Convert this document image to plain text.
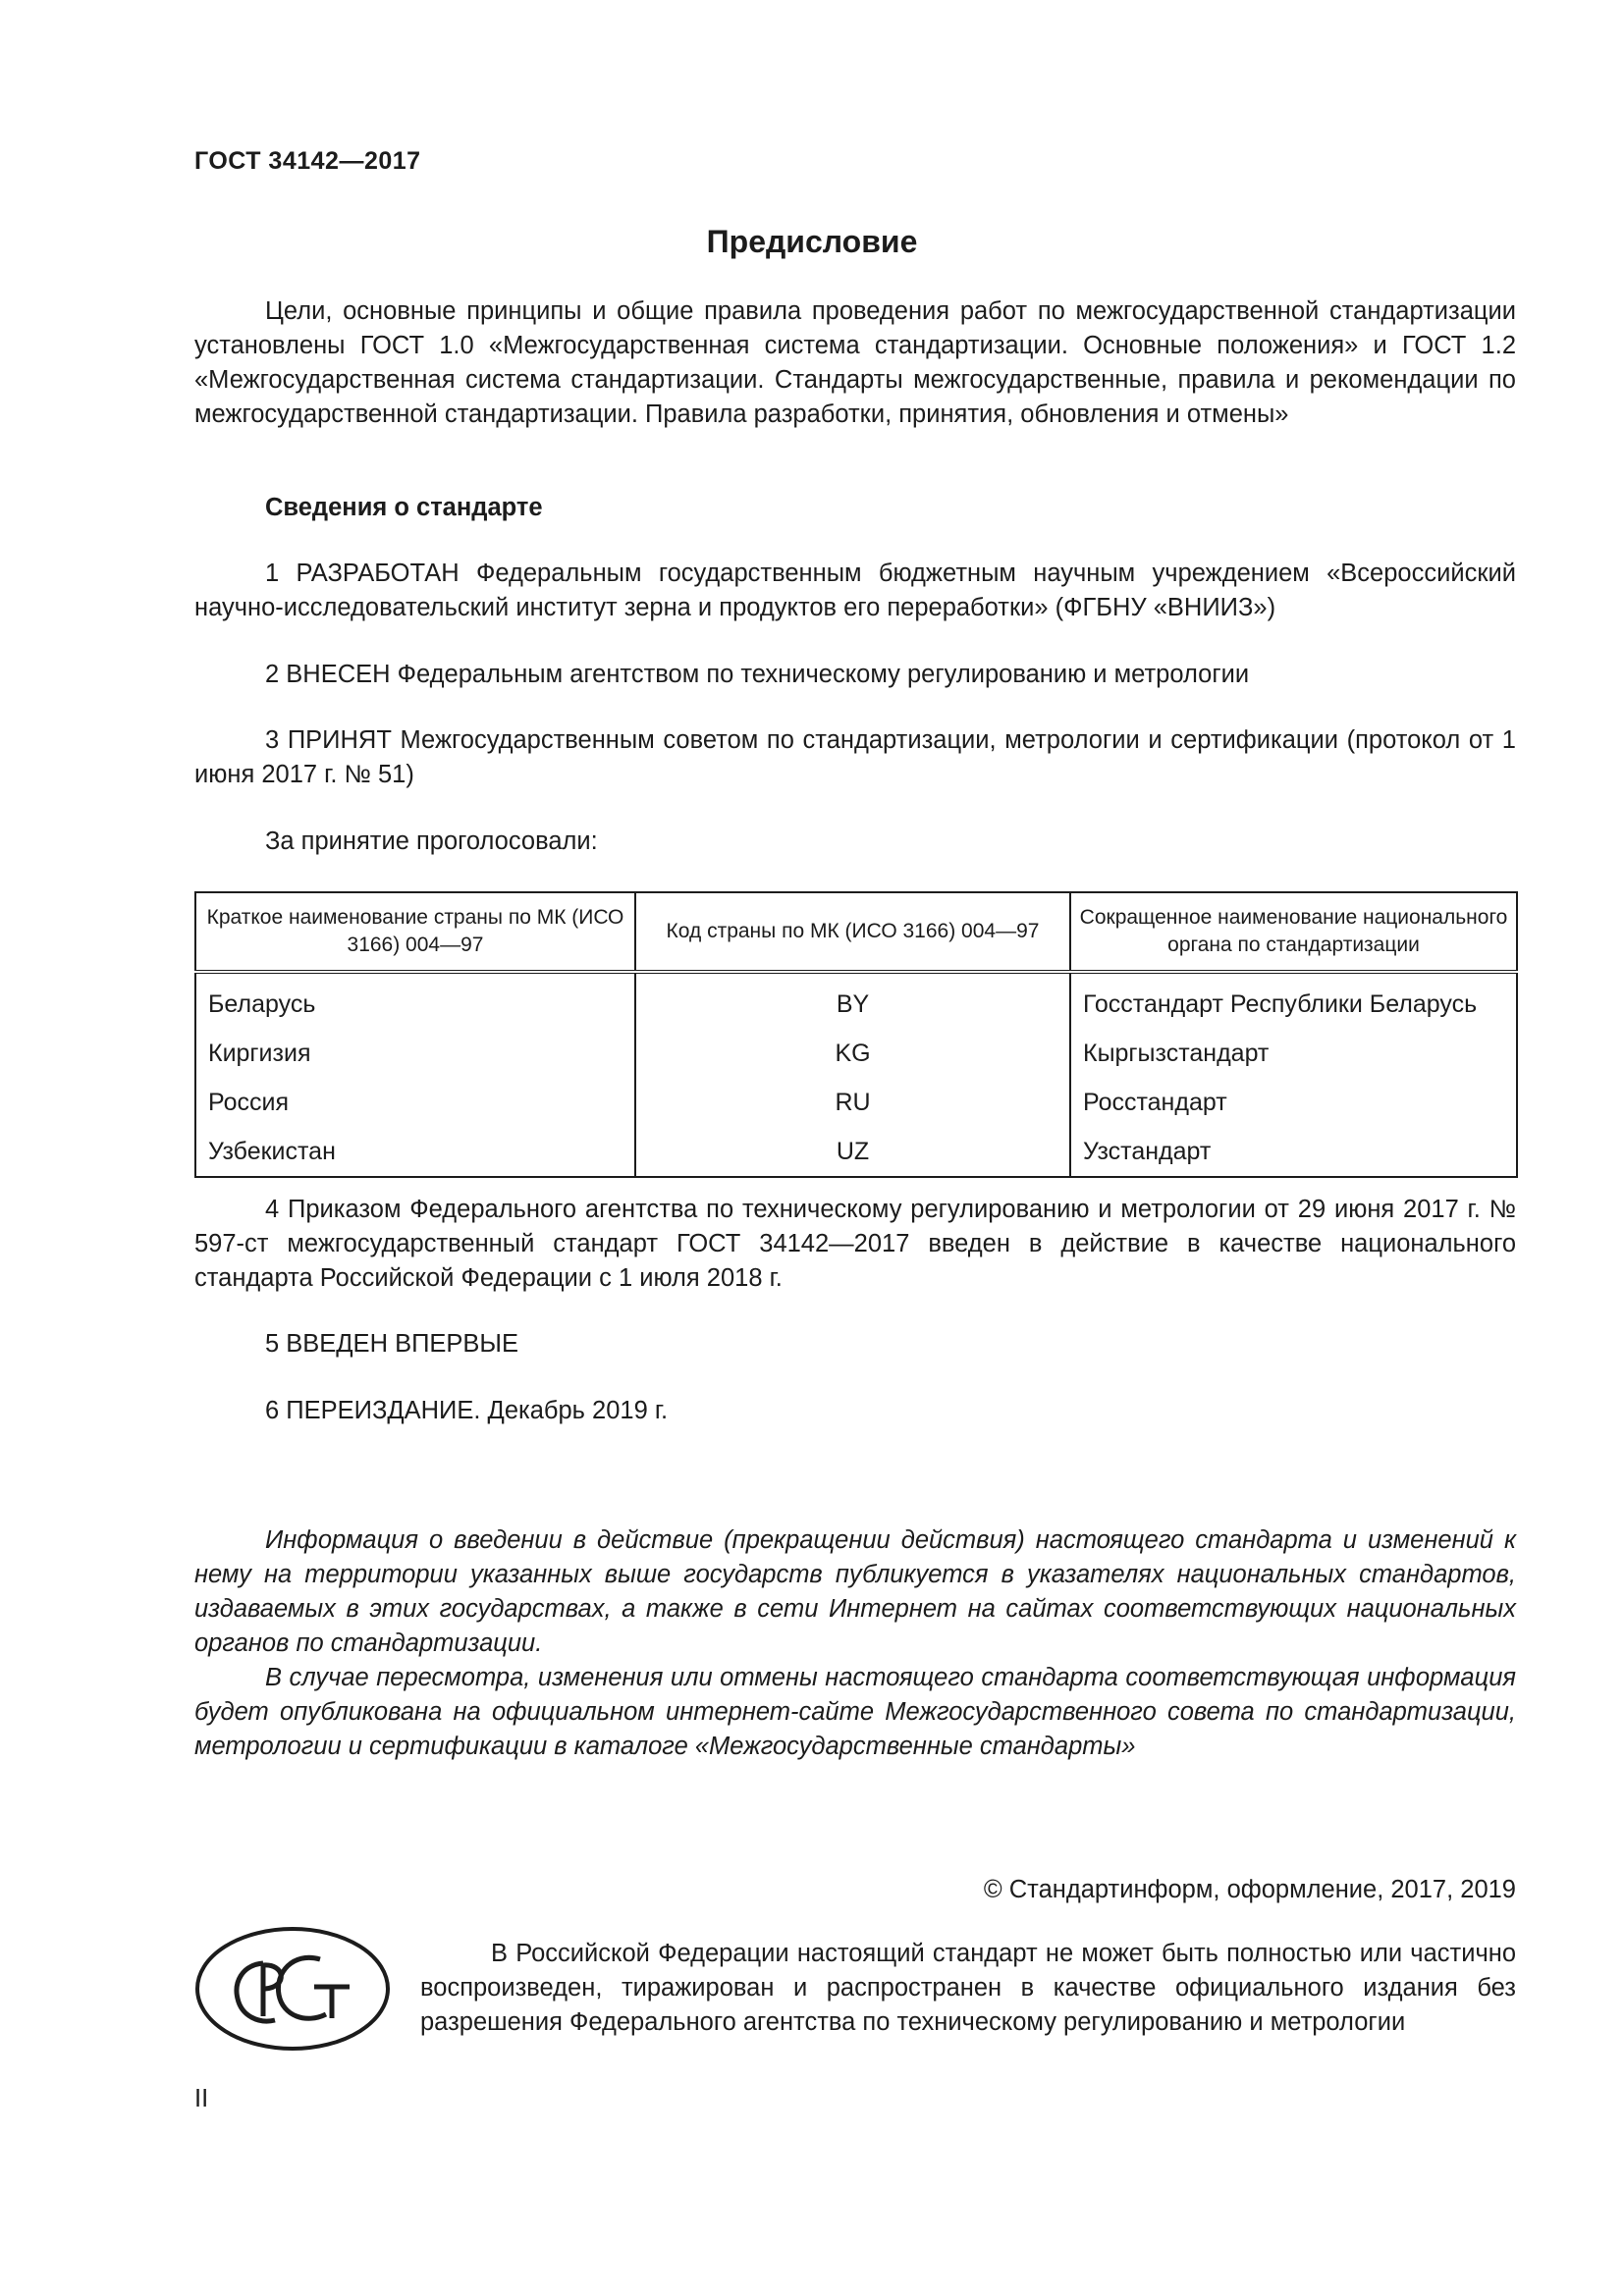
ГОСТ 34142—2017
Предисловие

Цели, основные принципы и общие правила проведения работ по межгосударственной стандартизации установлены ГОСТ 1.0 «Межгосударственная система стандартизации. Основные положения» и ГОСТ 1.2 «Межгосударственная система стандартизации. Стандарты межгосударственные, правила и рекомендации по межгосударственной стандартизации. Правила разработки, принятия, обновления и отмены»

Сведения о стандарте

1 РАЗРАБОТАН Федеральным государственным бюджетным научным учреждением «Всероссийский научно-исследовательский институт зерна и продуктов его переработки» (ФГБНУ «ВНИИЗ»)

2 ВНЕСЕН Федеральным агентством по техническому регулированию и метрологии

3 ПРИНЯТ Межгосударственным советом по стандартизации, метрологии и сертификации (протокол от 1 июня 2017 г. № 51)

За принятие проголосовали:
Краткое наименование страны по МК (ИСО 3166) 004—97	Код страны по МК (ИСО 3166) 004—97	Сокращенное наименование национального органа по стандартизации
Беларусь	BY	Госстандарт Республики Беларусь
Киргизия	KG	Кыргызстандарт
Россия	RU	Росстандарт
Узбекистан	UZ	Узстандарт

4 Приказом Федерального агентства по техническому регулированию и метрологии от 29 июня 2017 г. № 597-ст межгосударственный стандарт ГОСТ 34142—2017 введен в действие в качестве национального стандарта Российской Федерации с 1 июля 2018 г.

5 ВВЕДЕН ВПЕРВЫЕ
6 ПЕРЕИЗДАНИЕ. Декабрь 2019 г.

Информация о введении в действие (прекращении действия) настоящего стандарта и изменений к нему на территории указанных выше государств публикуется в указателях национальных стандартов, издаваемых в этих государствах, а также в сети Интернет на сайтах соответствующих национальных органов по стандартизации.

В случае пересмотра, изменения или отмены настоящего стандарта соответствующая информация будет опубликована на официальном интернет-сайте Межгосударственного совета по стандартизации, метрологии и сертификации в каталоге «Межгосударственные стандарты»

© Стандартинформ, оформление, 2017, 2019

В Российской Федерации настоящий стандарт не может быть полностью или частично воспроизведен, тиражирован и распространен в качестве официального издания без разрешения Федерального агентства по техническому регулированию и метрологии

II
